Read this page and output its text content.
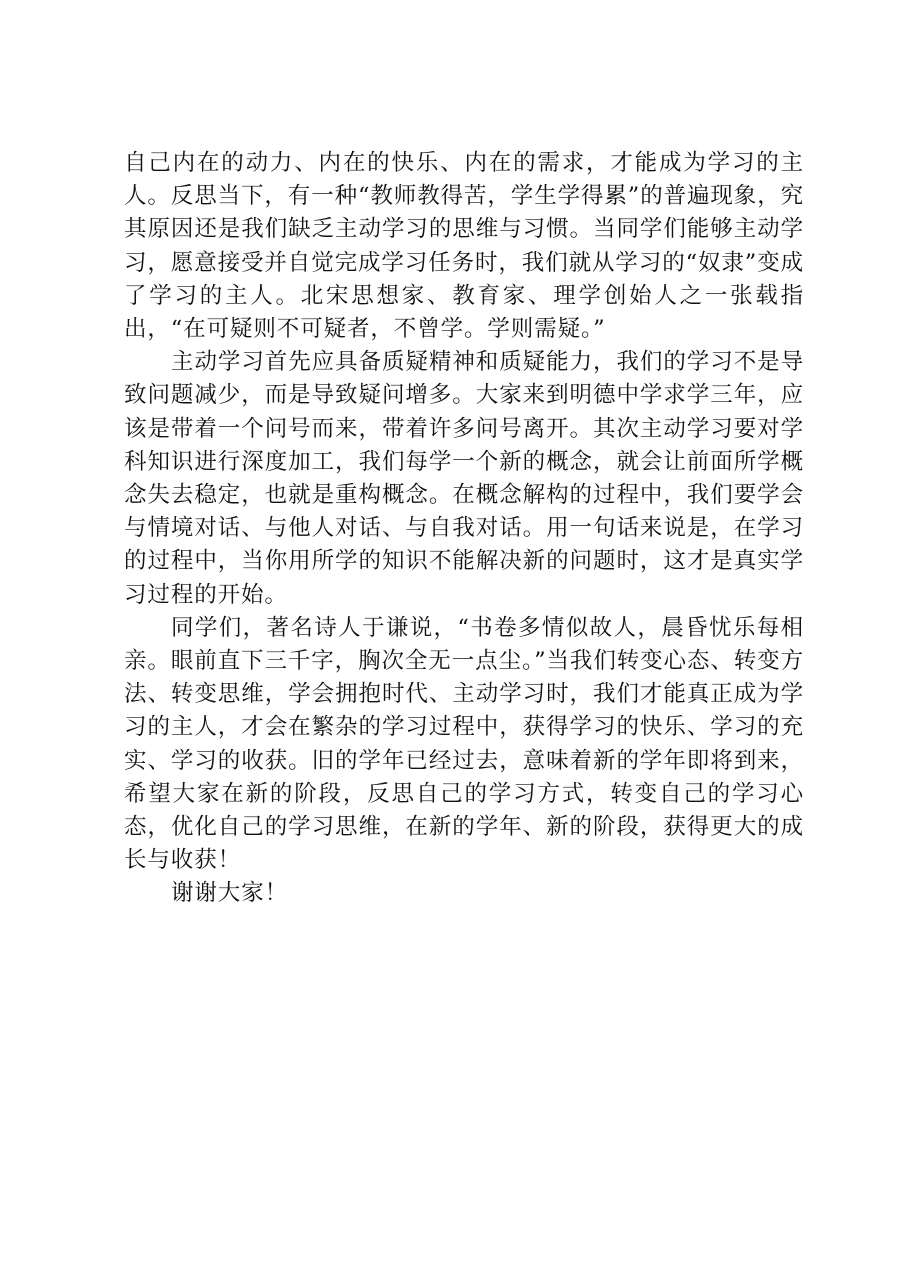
自己内在的动力、内在的快乐、内在的需求，才能成为学习的主人。反思当下，有一种“教师教得苦，学生学得累”的普遍现象，究其原因还是我们缺乏主动学习的思维与习惯。当同学们能够主动学习，愿意接受并自觉完成学习任务时，我们就从学习的“奴隶”变成了学习的主人。北宋思想家、教育家、理学创始人之一张载指出，“在可疑则不可疑者，不曾学。学则需疑。”

主动学习首先应具备质疑精神和质疑能力，我们的学习不是导致问题减少，而是导致疑问增多。大家来到明德中学求学三年，应该是带着一个问号而来，带着许多问号离开。其次主动学习要对学科知识进行深度加工，我们每学一个新的概念，就会让前面所学概念失去稳定，也就是重构概念。在概念解构的过程中，我们要学会与情境对话、与他人对话、与自我对话。用一句话来说是，在学习的过程中，当你用所学的知识不能解决新的问题时，这才是真实学习过程的开始。

同学们，著名诗人于谦说，“书卷多情似故人，晨昏忧乐每相亲。眼前直下三千字，胸次全无一点尘。”当我们转变心态、转变方法、转变思维，学会拥抱时代、主动学习时，我们才能真正成为学习的主人，才会在繁杂的学习过程中，获得学习的快乐、学习的充实、学习的收获。旧的学年已经过去，意味着新的学年即将到来，希望大家在新的阶段，反思自己的学习方式，转变自己的学习心态，优化自己的学习思维，在新的学年、新的阶段，获得更大的成长与收获！

谢谢大家！
